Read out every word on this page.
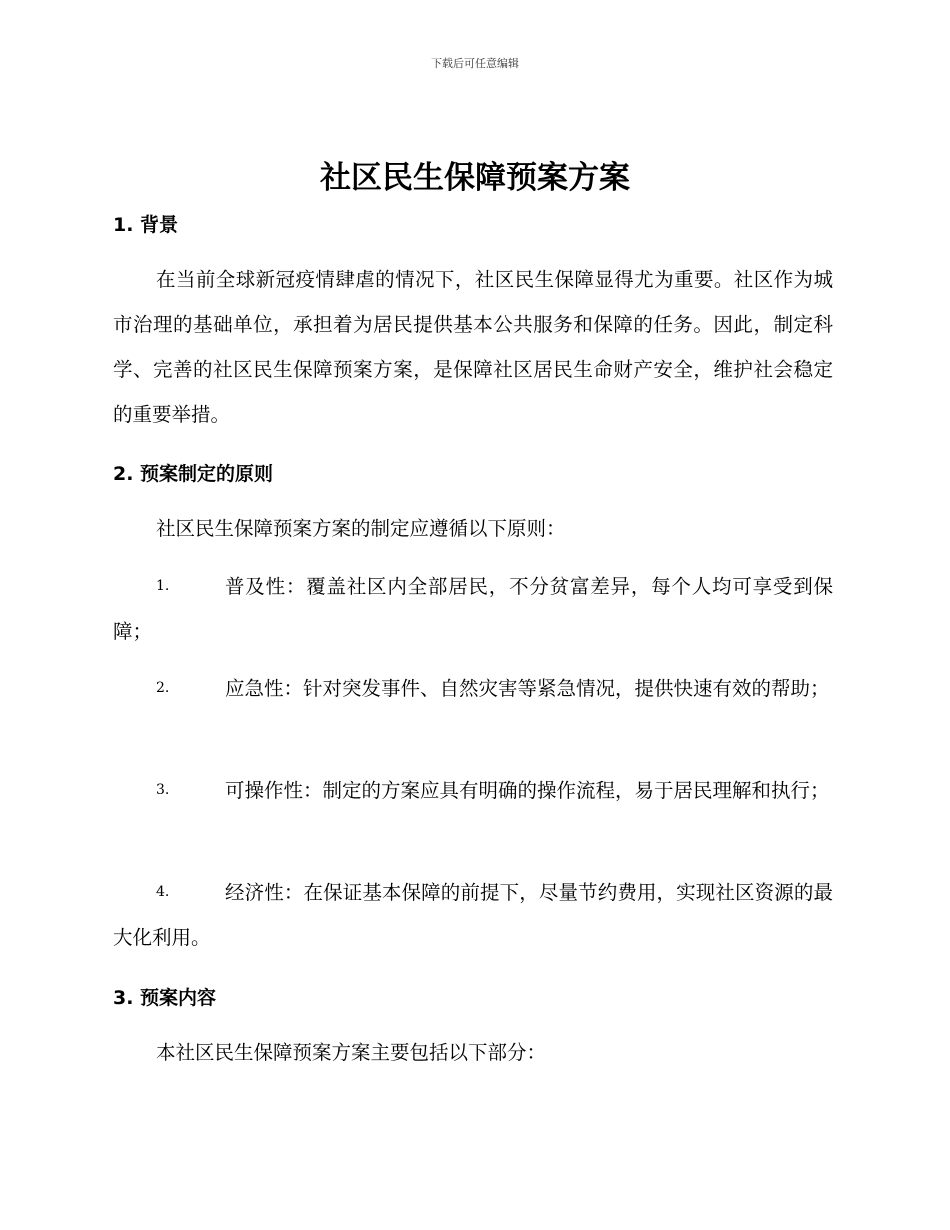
下载后可任意编辑
社区民生保障预案方案
1. 背景
在当前全球新冠疫情肆虐的情况下，社区民生保障显得尤为重要。社区作为城市治理的基础单位，承担着为居民提供基本公共服务和保障的任务。因此，制定科学、完善的社区民生保障预案方案，是保障社区居民生命财产安全，维护社会稳定的重要举措。
2. 预案制定的原则
社区民生保障预案方案的制定应遵循以下原则：
1.	普及性：覆盖社区内全部居民，不分贫富差异，每个人均可享受到保障；
2.	应急性：针对突发事件、自然灾害等紧急情况，提供快速有效的帮助；
3.	可操作性：制定的方案应具有明确的操作流程，易于居民理解和执行；
4.	经济性：在保证基本保障的前提下，尽量节约费用，实现社区资源的最大化利用。
3. 预案内容
本社区民生保障预案方案主要包括以下部分：
